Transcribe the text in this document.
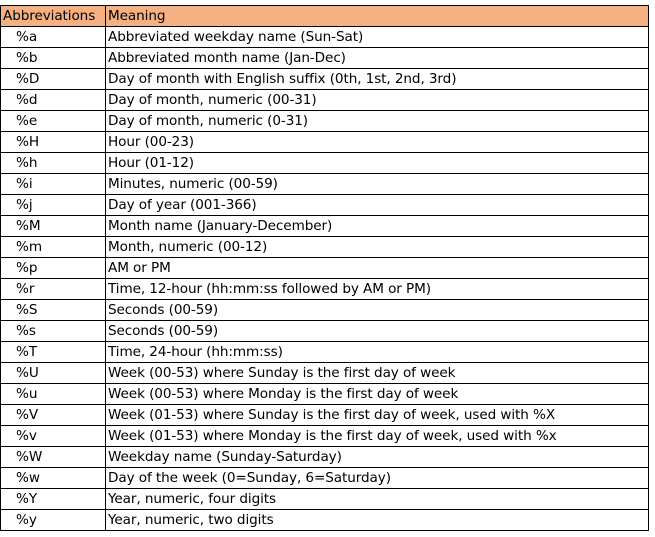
Abbreviations	Meaning
%a	Abbreviated weekday name (Sun-Sat)
%b	Abbreviated month name (Jan-Dec)
%D	Day of month with English suffix (0th, 1st, 2nd, 3rd)
%d	Day of month, numeric (00-31)
%e	Day of month, numeric (0-31)
%H	Hour (00-23)
%h	Hour (01-12)
%i	Minutes, numeric (00-59)
%j	Day of year (001-366)
%M	Month name (January-December)
%m	Month, numeric (00-12)
%p	AM or PM
%r	Time, 12-hour (hh:mm:ss followed by AM or PM)
%S	Seconds (00-59)
%s	Seconds (00-59)
%T	Time, 24-hour (hh:mm:ss)
%U	Week (00-53) where Sunday is the first day of week
%u	Week (00-53) where Monday is the first day of week
%V	Week (01-53) where Sunday is the first day of week, used with %X
%v	Week (01-53) where Monday is the first day of week, used with %x
%W	Weekday name (Sunday-Saturday)
%w	Day of the week (0=Sunday, 6=Saturday)
%Y	Year, numeric, four digits
%y	Year, numeric, two digits
